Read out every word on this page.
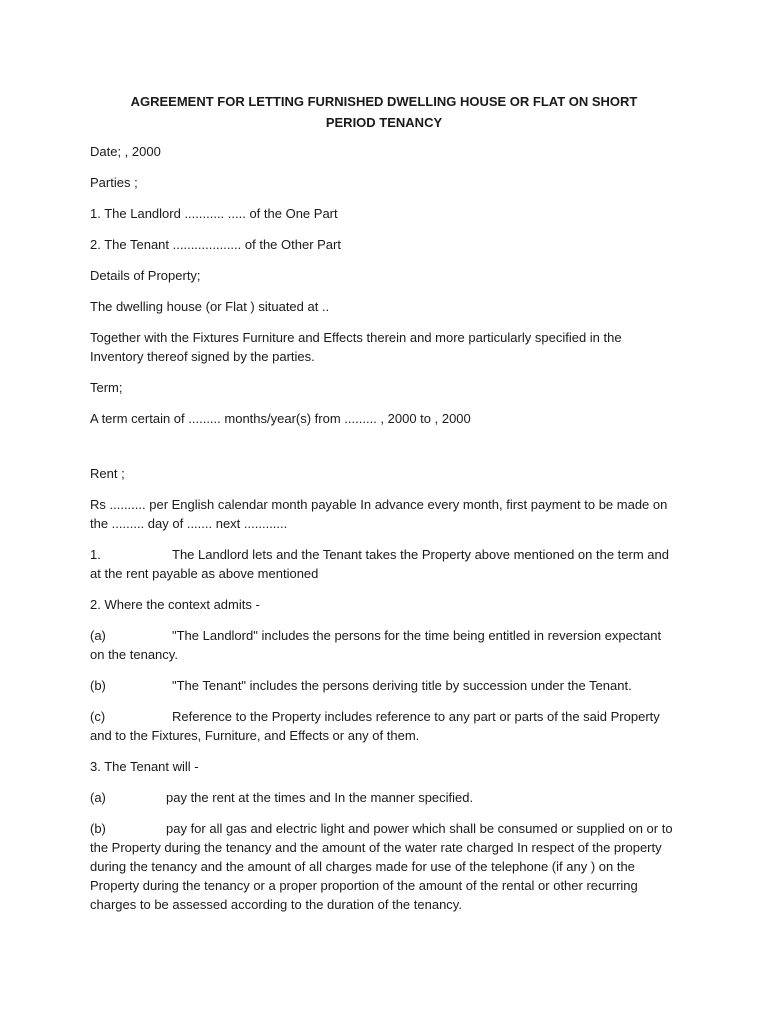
AGREEMENT FOR LETTING FURNISHED DWELLING HOUSE OR FLAT ON SHORT
PERIOD TENANCY

Date; , 2000

Parties ;

1. The Landlord ........... ..... of the One Part

2. The Tenant ................... of the Other Part

Details of Property;

The dwelling house (or Flat ) situated at ..

Together with the Fixtures Furniture and Effects therein and more particularly specified in the Inventory thereof signed by the parties.

Term;

A term certain of ......... months/year(s) from ......... , 2000 to , 2000

Rent ;

Rs .......... per English calendar month payable In advance every month, first payment to be made on the ......... day of ....... next ............

1.	The Landlord lets and the Tenant takes the Property above mentioned on the term and at the rent payable as above mentioned

2. Where the context admits -

(a)	"The Landlord" includes the persons for the time being entitled in reversion expectant on the tenancy.

(b)	"The Tenant" includes the persons deriving title by succession under the Tenant.

(c)	Reference to the Property includes reference to any part or parts of the said Property and to the Fixtures, Furniture, and Effects or any of them.

3. The Tenant will -

(a)	pay the rent at the times and In the manner specified.

(b)	pay for all gas and electric light and power which shall be consumed or supplied on or to the Property during the tenancy and the amount of the water rate charged In respect of the property during the tenancy and the amount of all charges made for use of the telephone (if any ) on the Property during the tenancy or a proper proportion of the amount of the rental or other recurring charges to be assessed according to the duration of the tenancy.
